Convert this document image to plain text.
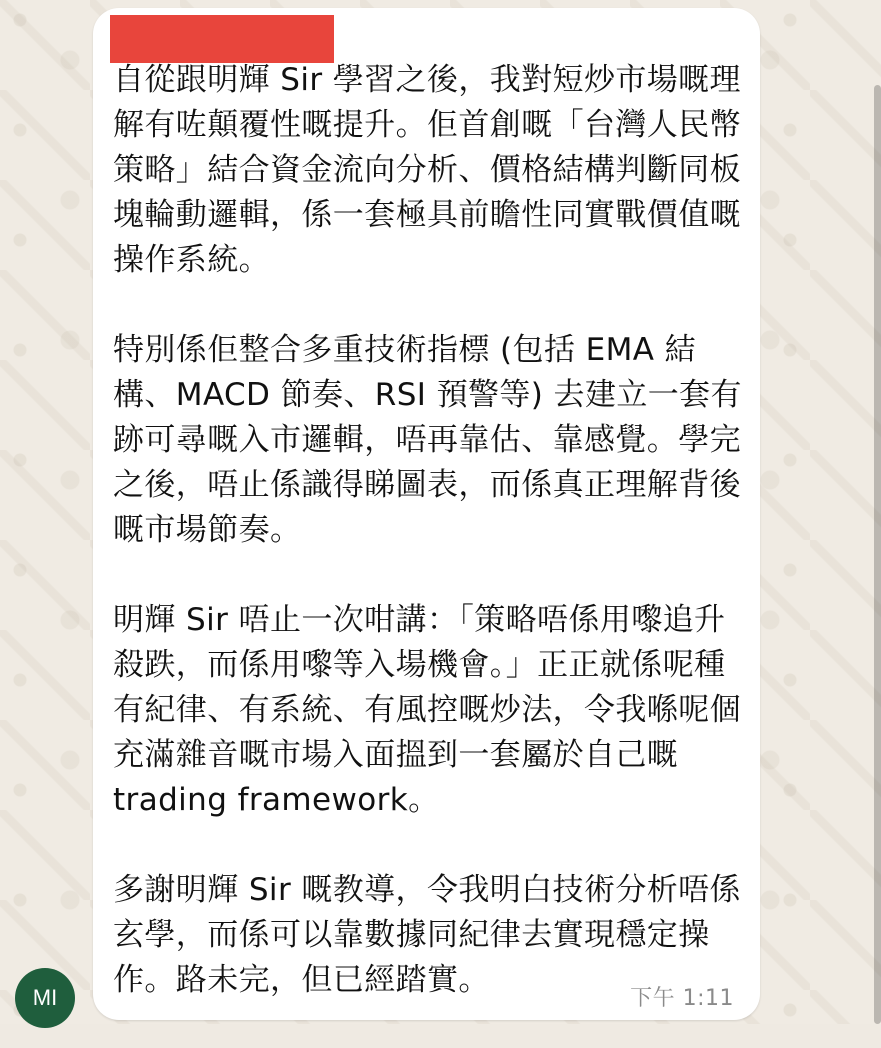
自從跟明輝 Sir 學習之後，我對短炒市場嘅理解有咗顛覆性嘅提升。佢首創嘅「台灣人民幣策略」結合資金流向分析、價格結構判斷同板塊輪動邏輯，係一套極具前瞻性同實戰價值嘅操作系統。

特別係佢整合多重技術指標 (包括 EMA 結構、MACD 節奏、RSI 預警等) 去建立一套有跡可尋嘅入市邏輯，唔再靠估、靠感覺。學完之後，唔止係識得睇圖表，而係真正理解背後嘅市場節奏。

明輝 Sir 唔止一次咁講：「策略唔係用嚟追升殺跌，而係用嚟等入場機會。」正正就係呢種有紀律、有系統、有風控嘅炒法，令我喺呢個充滿雜音嘅市場入面搵到一套屬於自己嘅 trading framework。

多謝明輝 Sir 嘅教導，令我明白技術分析唔係玄學，而係可以靠數據同紀律去實現穩定操作。路未完，但已經踏實。

下午 1:11
MI
